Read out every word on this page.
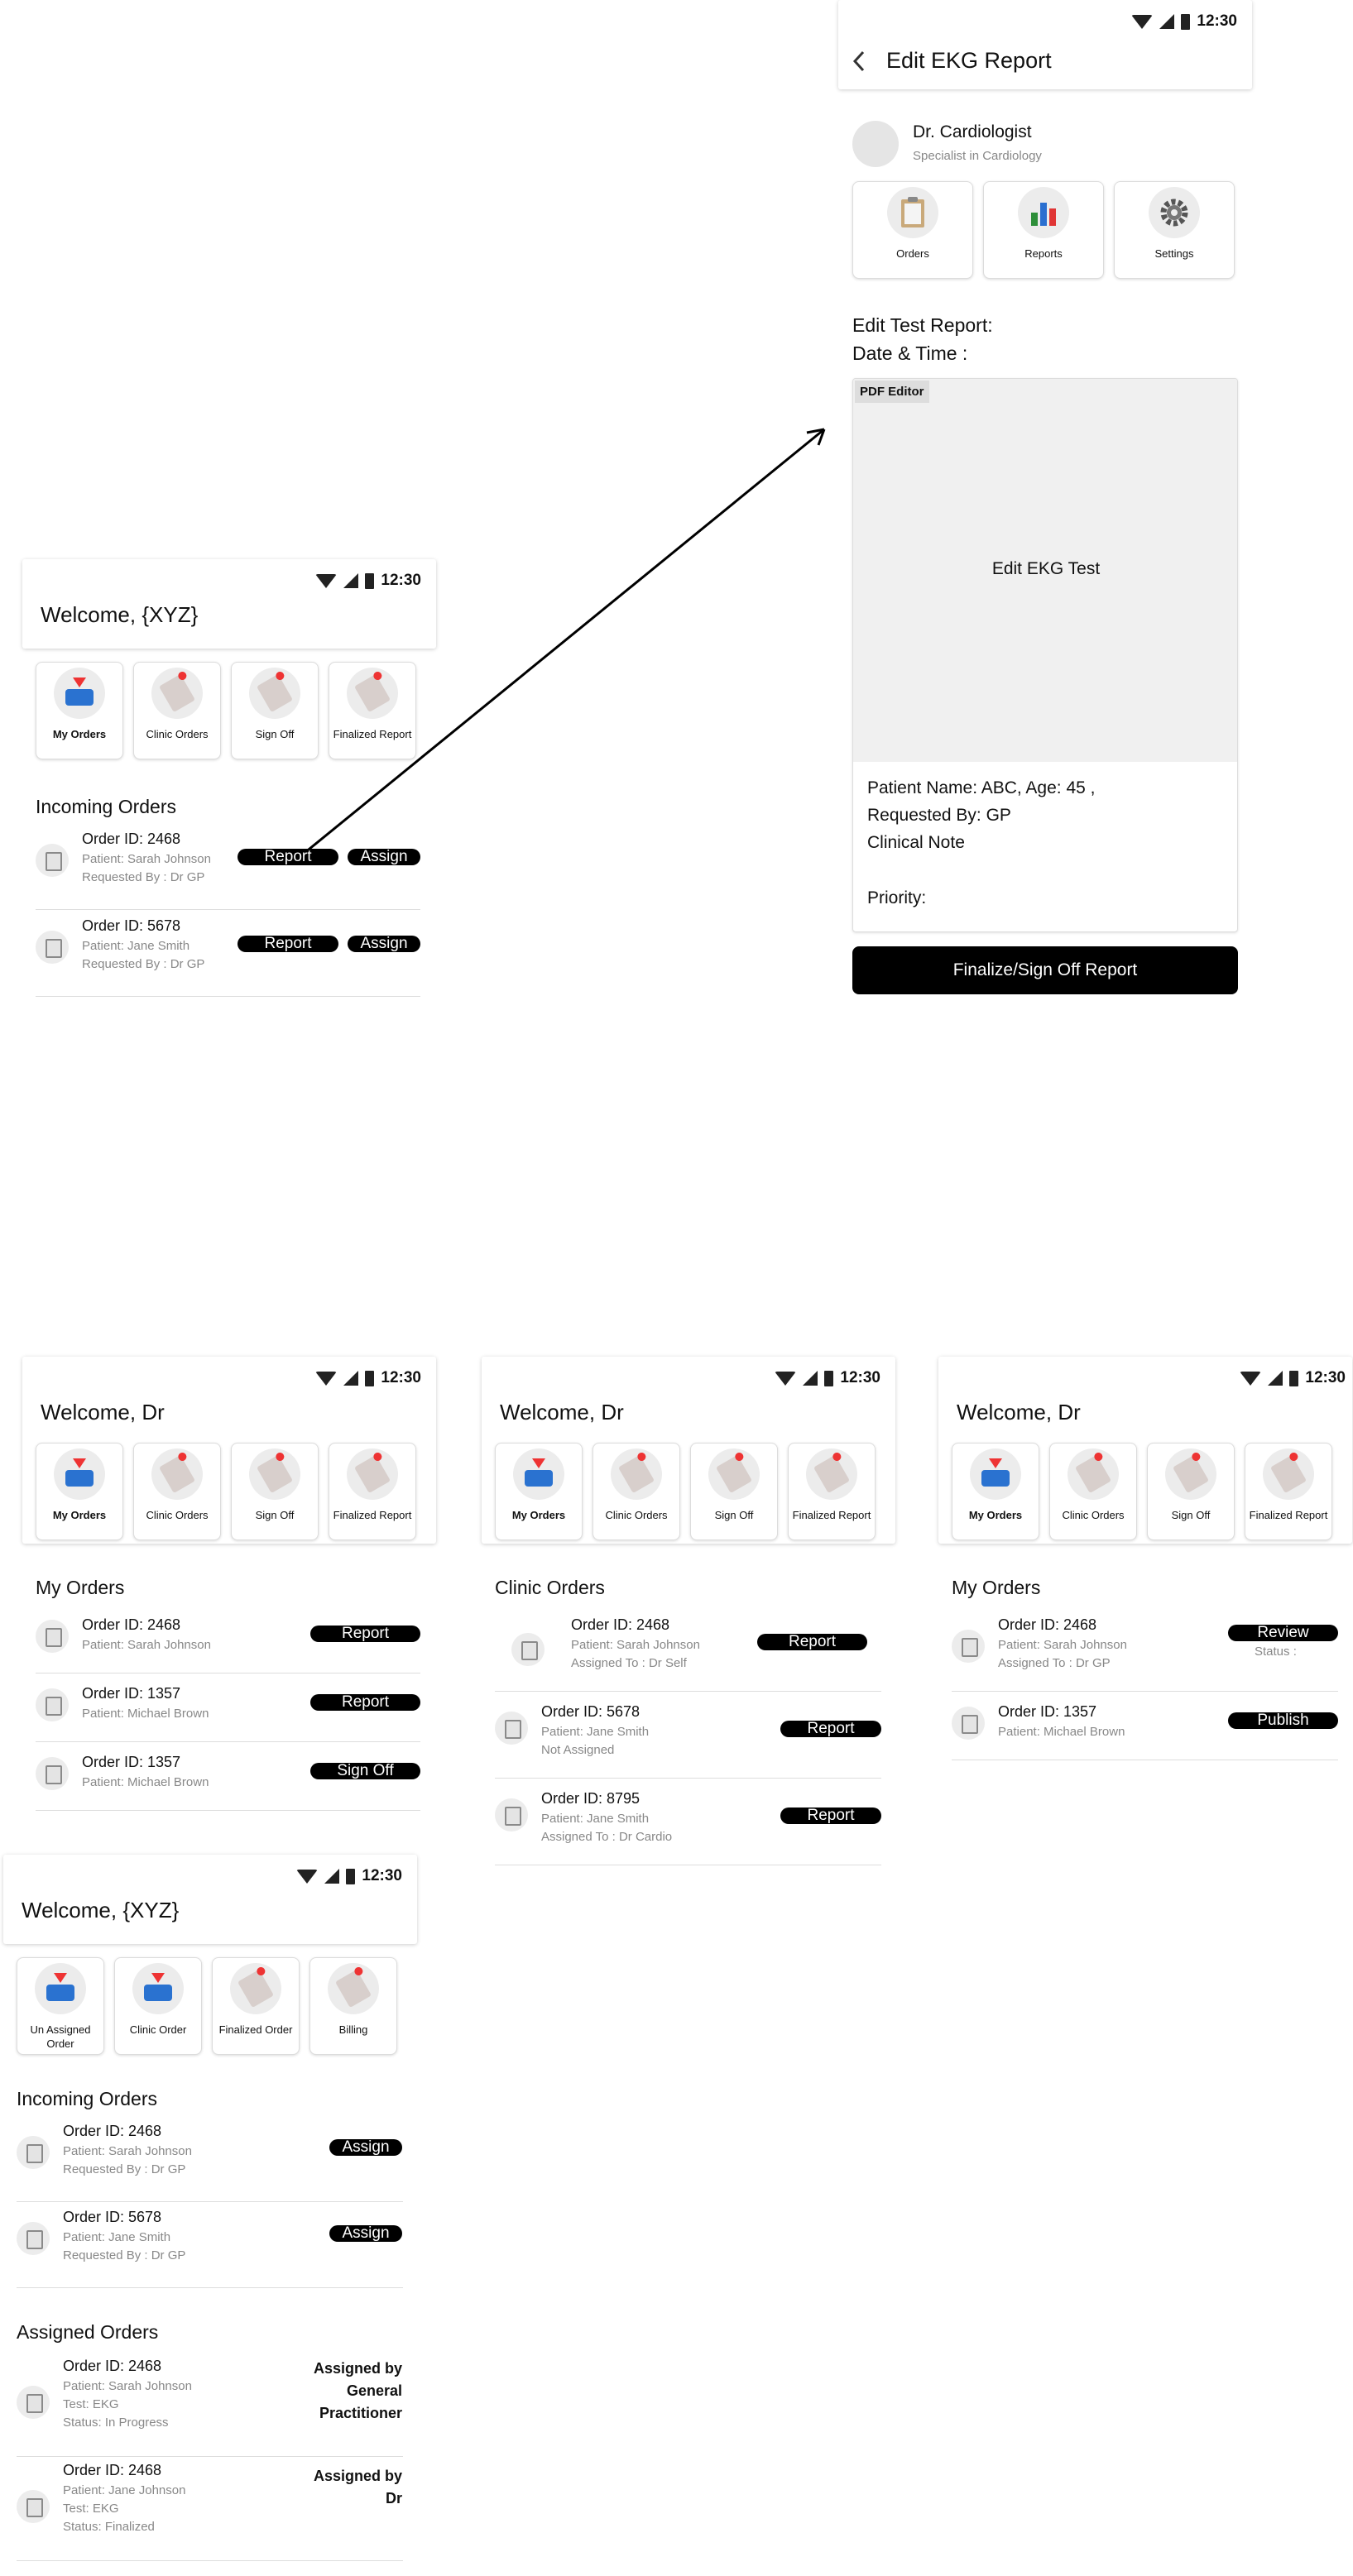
12:30
Edit EKG Report
Dr. Cardiologist
Specialist in Cardiology
Orders	Reports	Settings
Edit Test Report:
Date & Time :
PDF Editor
Edit EKG Test
Patient Name: ABC, Age: 45 ,
Requested By: GP
Clinical Note
Priority:
Finalize/Sign Off Report
12:30
Welcome, {XYZ}
My Orders	Clinic Orders	Sign Off	Finalized Report
Incoming Orders
Order ID: 2468
Patient: Sarah Johnson
Requested By : Dr GP
Report	Assign
Order ID: 5678
Patient: Jane Smith
Requested By : Dr GP
Report	Assign
12:30
Welcome, Dr
My Orders	Clinic Orders	Sign Off	Finalized Report
My Orders
Order ID: 2468
Patient: Sarah Johnson
Report
Order ID: 1357
Patient: Michael Brown
Report
Order ID: 1357
Patient: Michael Brown
Sign Off
12:30
Welcome, Dr
My Orders	Clinic Orders	Sign Off	Finalized Report
Clinic Orders
Order ID: 2468
Patient: Sarah Johnson
Assigned To : Dr Self
Report
Order ID: 5678
Patient: Jane Smith
Not Assigned
Report
Order ID: 8795
Patient: Jane Smith
Assigned To : Dr Cardio
Report
12:30
Welcome, Dr
My Orders	Clinic Orders	Sign Off	Finalized Report
My Orders
Order ID: 2468
Patient: Sarah Johnson
Assigned To : Dr GP
Review
Status :
Order ID: 1357
Patient: Michael Brown
Publish
12:30
Welcome, {XYZ}
Un Assigned Order
Clinic Order	Finalized Order	Billing
Incoming Orders
Order ID: 2468
Patient: Sarah Johnson
Requested By : Dr GP
Assign
Order ID: 5678
Patient: Jane Smith
Requested By : Dr GP
Assign
Assigned Orders
Order ID: 2468
Patient: Sarah Johnson
Test: EKG
Status: In Progress
Assigned by General Practitioner
Order ID: 2468
Patient: Jane Johnson
Test: EKG
Status: Finalized
Assigned by Dr
